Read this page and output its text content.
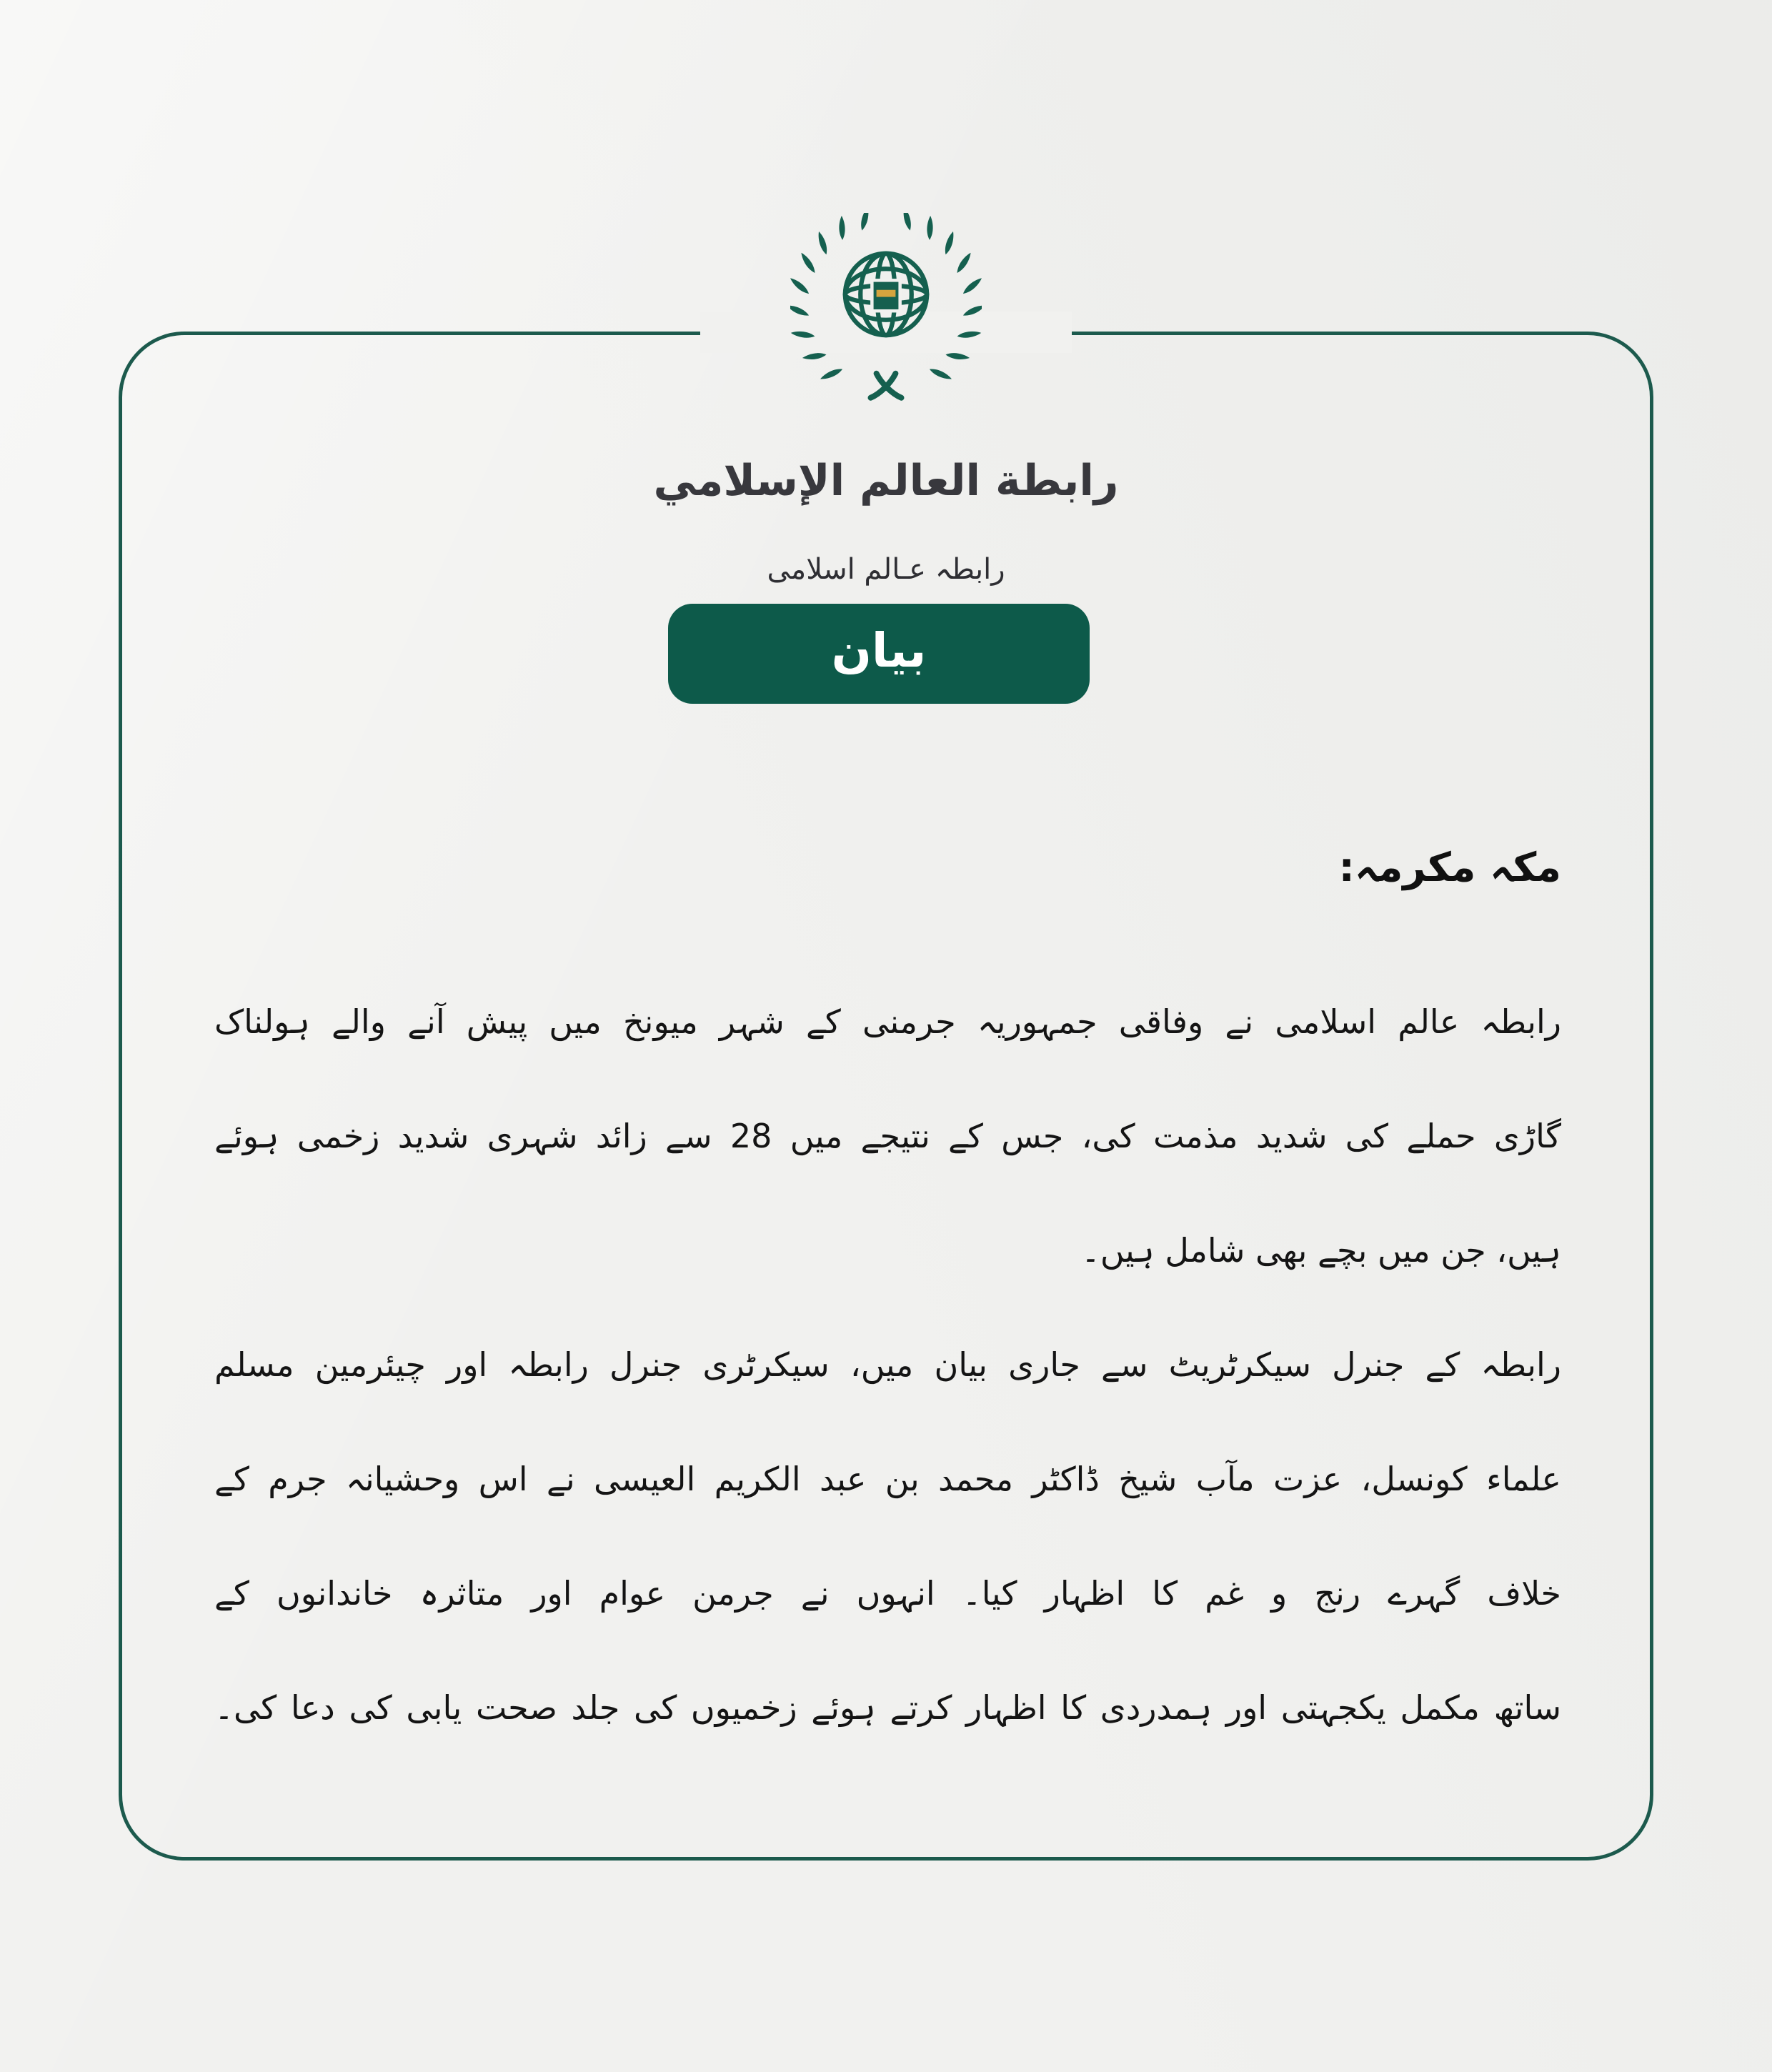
رابطة العالم الإسلامي
رابطہ عـالم اسلامی
بيان
مکہ مکرمہ:
رابطہ عالم اسلامی نے وفاقی جمہوریہ جرمنی کے شہر میونخ میں پیش آنے والے ہولناک
گاڑی حملے کی شدید مذمت کی، جس کے نتیجے میں 28 سے زائد شہری شدید زخمی ہوئے
ہیں، جن میں بچے بھی شامل ہیں۔
رابطہ کے جنرل سیکرٹریٹ سے جاری بیان میں، سیکرٹری جنرل رابطہ اور چیئرمین مسلم
علماء کونسل، عزت مآب شیخ ڈاکٹر محمد بن عبد الکریم العیسی نے اس وحشیانہ جرم کے
خلاف گہرے رنج و غم کا اظہار کیا۔ انہوں نے جرمن عوام اور متاثرہ خاندانوں کے
ساتھ مکمل یکجہتی اور ہمدردی کا اظہار کرتے ہوئے زخمیوں کی جلد صحت یابی کی دعا کی۔
